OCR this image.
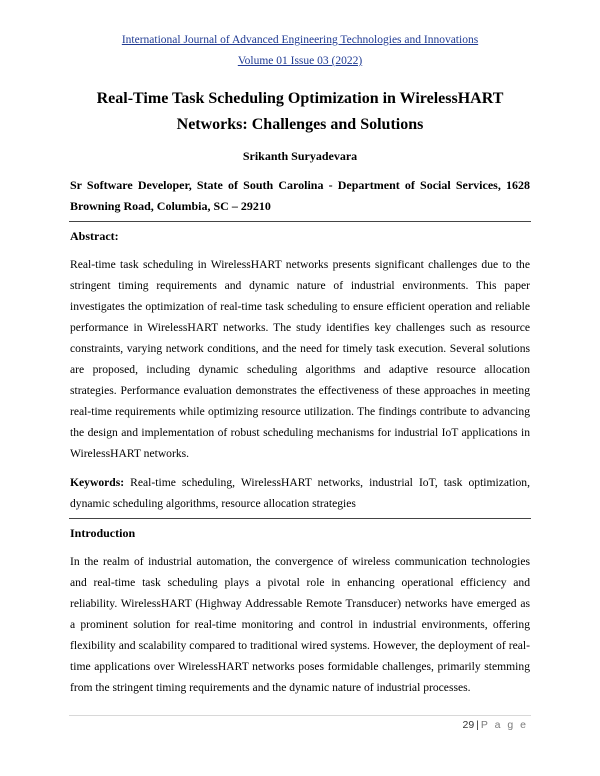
International Journal of Advanced Engineering Technologies and Innovations
Volume 01 Issue 03 (2022)
Real-Time Task Scheduling Optimization in WirelessHART
Networks: Challenges and Solutions
Srikanth Suryadevara
Sr Software Developer, State of South Carolina - Department of Social Services, 1628
Browning Road, Columbia, SC – 29210
Abstract:
Real-time task scheduling in WirelessHART networks presents significant challenges due to the
stringent timing requirements and dynamic nature of industrial environments. This paper
investigates the optimization of real-time task scheduling to ensure efficient operation and reliable
performance in WirelessHART networks. The study identifies key challenges such as resource
constraints, varying network conditions, and the need for timely task execution. Several solutions
are proposed, including dynamic scheduling algorithms and adaptive resource allocation
strategies. Performance evaluation demonstrates the effectiveness of these approaches in meeting
real-time requirements while optimizing resource utilization. The findings contribute to advancing
the design and implementation of robust scheduling mechanisms for industrial IoT applications in
WirelessHART networks.
Keywords: Real-time scheduling, WirelessHART networks, industrial IoT, task optimization,
dynamic scheduling algorithms, resource allocation strategies
Introduction
In the realm of industrial automation, the convergence of wireless communication technologies
and real-time task scheduling plays a pivotal role in enhancing operational efficiency and
reliability. WirelessHART (Highway Addressable Remote Transducer) networks have emerged as
a prominent solution for real-time monitoring and control in industrial environments, offering
flexibility and scalability compared to traditional wired systems. However, the deployment of real-
time applications over WirelessHART networks poses formidable challenges, primarily stemming
from the stringent timing requirements and the dynamic nature of industrial processes.
29 | P a g e
